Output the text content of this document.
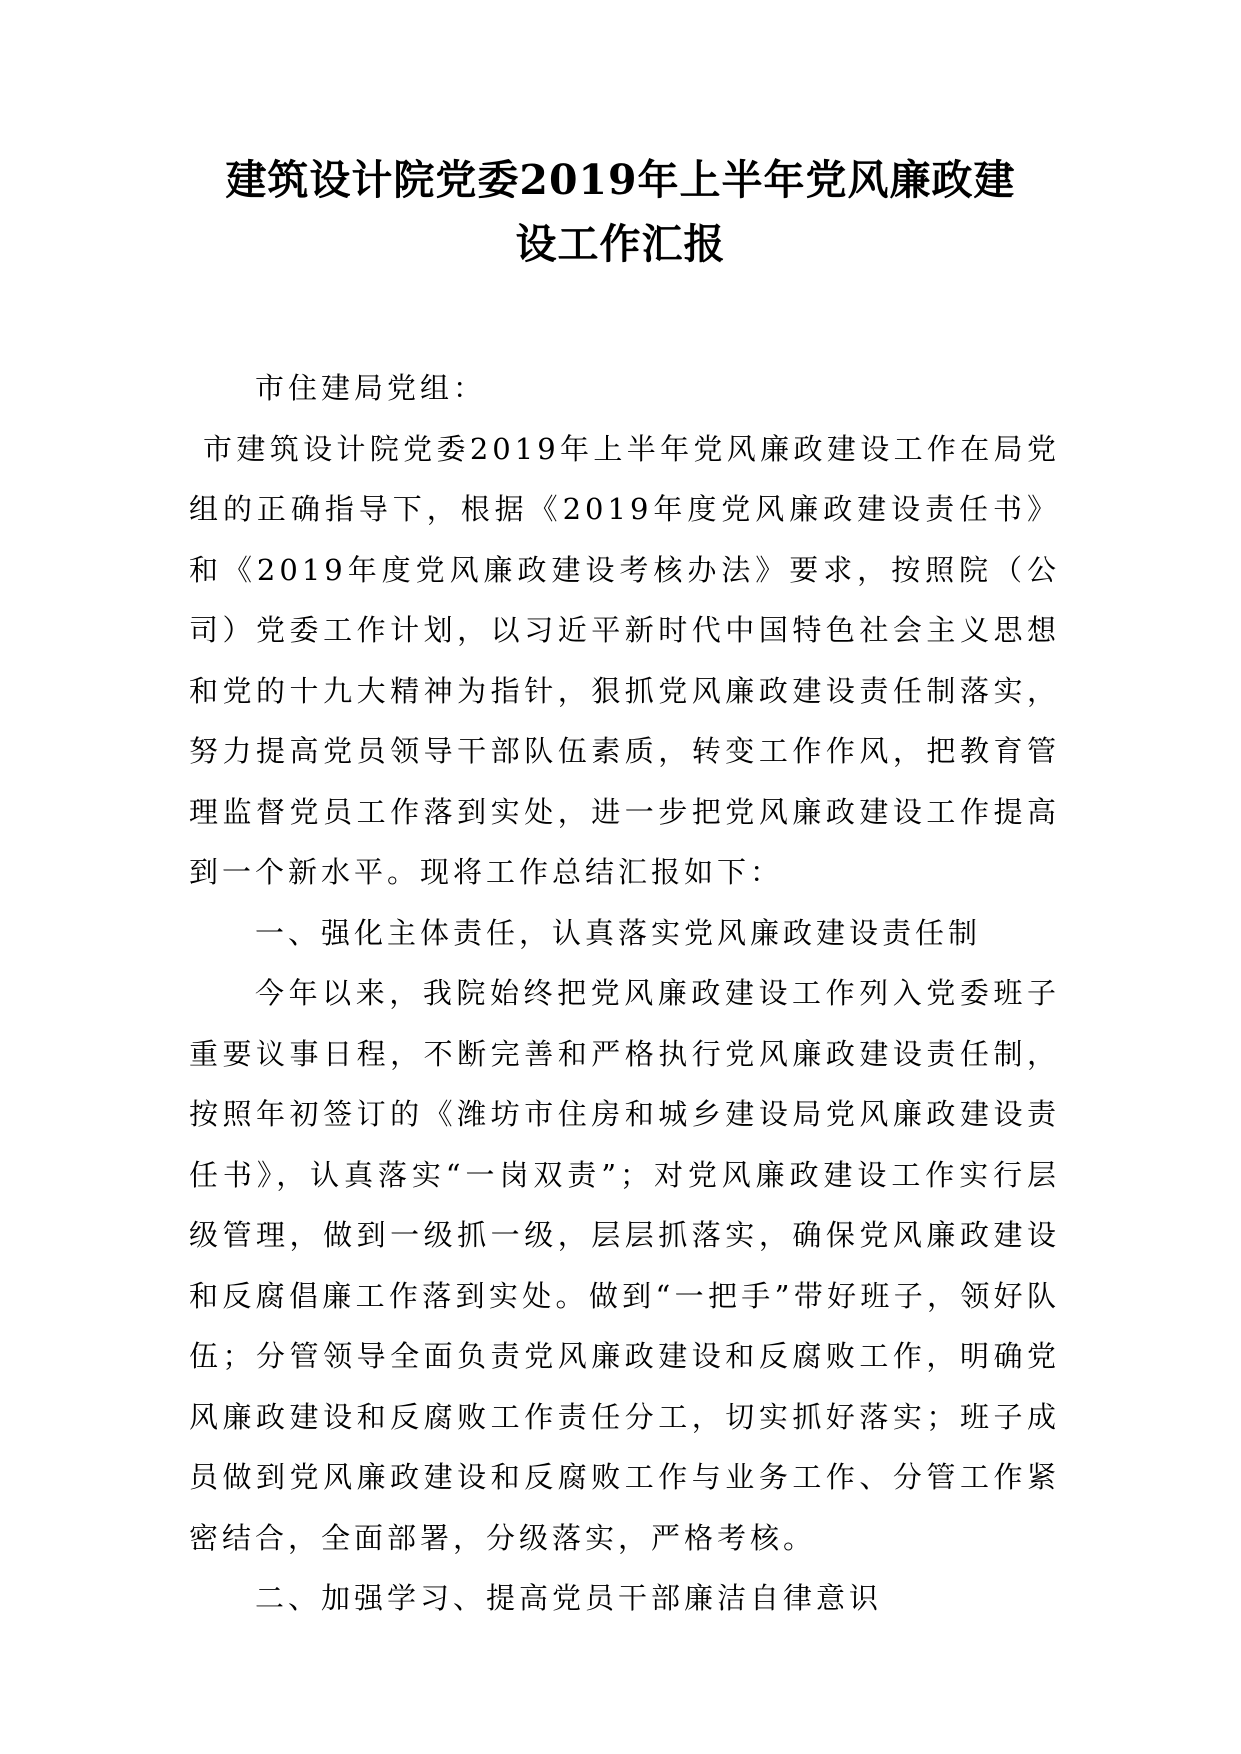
建筑设计院党委2019年上半年党风廉政建
设工作汇报

市住建局党组：

市建筑设计院党委2019年上半年党风廉政建设工作在局党组的正确指导下，根据《2019年度党风廉政建设责任书》和《2019年度党风廉政建设考核办法》要求，按照院（公司）党委工作计划，以习近平新时代中国特色社会主义思想和党的十九大精神为指针，狠抓党风廉政建设责任制落实，努力提高党员领导干部队伍素质，转变工作作风，把教育管理监督党员工作落到实处，进一步把党风廉政建设工作提高到一个新水平。现将工作总结汇报如下：

一、强化主体责任，认真落实党风廉政建设责任制

今年以来，我院始终把党风廉政建设工作列入党委班子重要议事日程，不断完善和严格执行党风廉政建设责任制，按照年初签订的《潍坊市住房和城乡建设局党风廉政建设责任书》，认真落实“一岗双责”；对党风廉政建设工作实行层级管理，做到一级抓一级，层层抓落实，确保党风廉政建设和反腐倡廉工作落到实处。做到“一把手”带好班子，领好队伍；分管领导全面负责党风廉政建设和反腐败工作，明确党风廉政建设和反腐败工作责任分工，切实抓好落实；班子成员做到党风廉政建设和反腐败工作与业务工作、分管工作紧密结合，全面部署，分级落实，严格考核。

二、加强学习、提高党员干部廉洁自律意识
